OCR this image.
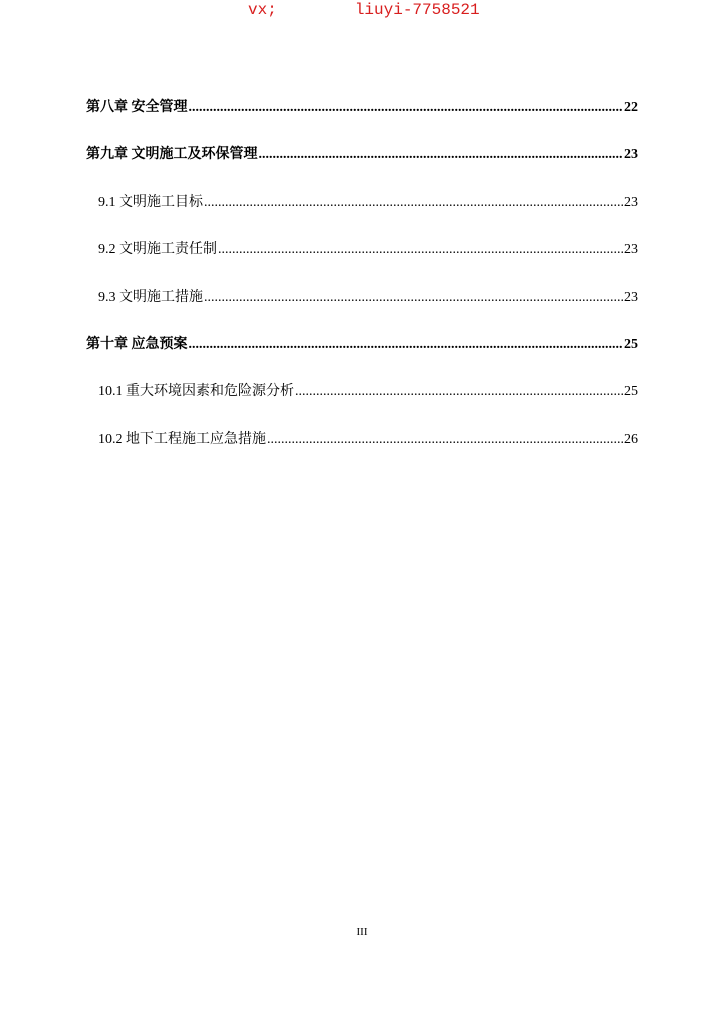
vx;	liuyi-7758521
第八章 安全管理 .....	22
第九章 文明施工及环保管理 .....	23
9.1 文明施工目标 .....	23
9.2 文明施工责任制 .....	23
9.3 文明施工措施 .....	23
第十章 应急预案 .....	25
10.1 重大环境因素和危险源分析 .....	25
10.2 地下工程施工应急措施 .....	26
III
